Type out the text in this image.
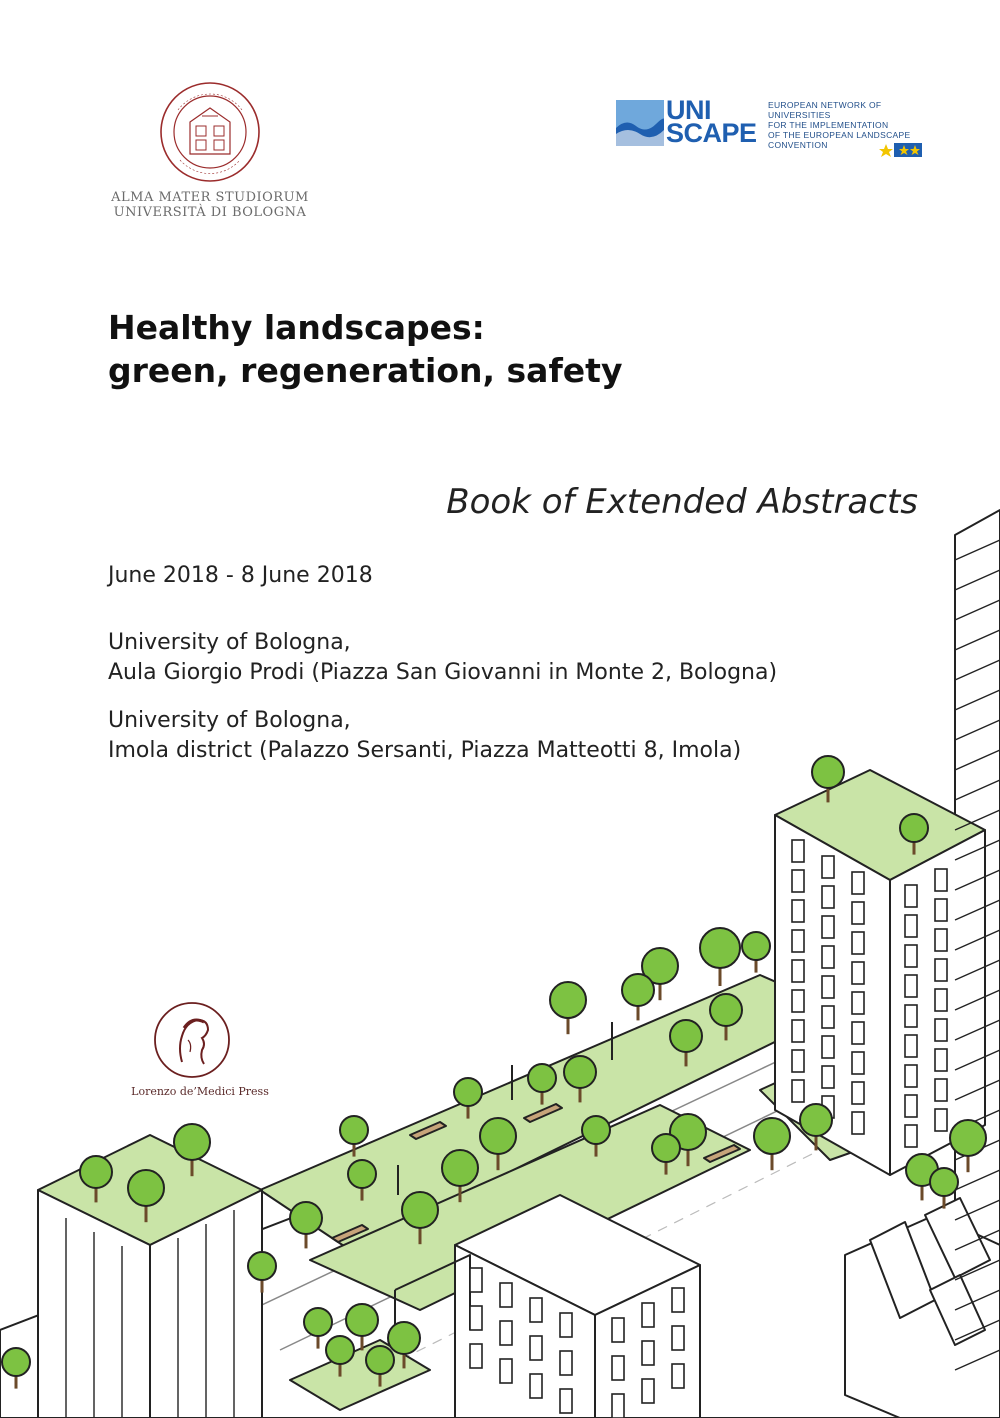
ALMA MATER STUDIORUM
UNIVERSITÀ DI BOLOGNA
UNI
SCAPE
EUROPEAN NETWORK OF UNIVERSITIES
FOR THE IMPLEMENTATION
OF THE EUROPEAN LANDSCAPE
CONVENTION
Healthy landscapes:
green, regeneration, safety
Book of Extended Abstracts
June 2018 - 8 June 2018
University of Bologna,
Aula Giorgio Prodi (Piazza San Giovanni in Monte 2, Bologna)
University of Bologna,
Imola district (Palazzo Sersanti, Piazza Matteotti 8, Imola)
Lorenzo de’Medici Press
